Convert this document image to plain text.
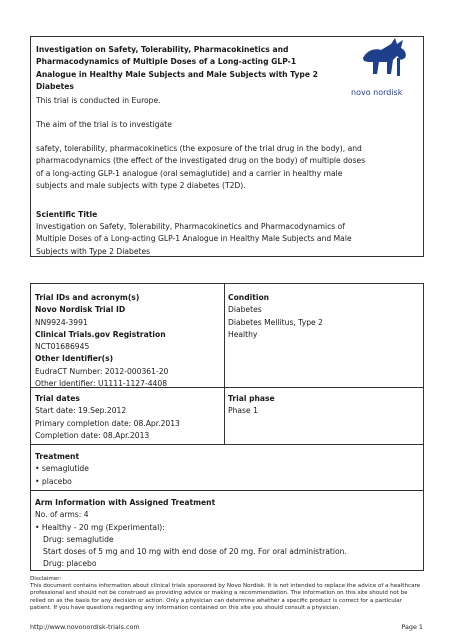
Investigation on Safety, Tolerability, Pharmacokinetics and Pharmacodynamics of Multiple Doses of a Long-acting GLP-1 Analogue in Healthy Male Subjects and Male Subjects with Type 2 Diabetes
This trial is conducted in Europe.
The aim of the trial is to investigate
safety, tolerability, pharmacokinetics (the exposure of the trial drug in the body), and pharmacodynamics (the effect of the investigated drug on the body) of multiple doses of a long-acting GLP-1 analogue (oral semaglutide) and a carrier in healthy male subjects and male subjects with type 2 diabetes (T2D).
Scientific Title
Investigation on Safety, Tolerability, Pharmacokinetics and Pharmacodynamics of Multiple Doses of a Long-acting GLP-1 Analogue in Healthy Male Subjects and Male Subjects with Type 2 Diabetes
novo nordisk
Trial IDs and acronym(s)
Novo Nordisk Trial ID
NN9924-3991
Clinical Trials.gov Registration
NCT01686945
Other Identifier(s)
EudraCT Number: 2012-000361-20
Other Identifier: U1111-1127-4408
Condition
Diabetes
Diabetes Mellitus, Type 2
Healthy
Trial dates
Start date: 19.Sep.2012
Primary completion date: 08.Apr.2013
Completion date: 08.Apr.2013
Trial phase
Phase 1
Treatment
• semaglutide
• placebo
Arm Information with Assigned Treatment
No. of arms: 4
• Healthy - 20 mg (Experimental):
Drug: semaglutide
Start doses of 5 mg and 10 mg with end dose of 20 mg. For oral administration.
Drug: placebo
Disclaimer:
This document contains information about clinical trials sponsored by Novo Nordisk. It is not intended to replace the advice of a healthcare professional and should not be construed as providing advice or making a recommendation. The information on this site should not be relied on as the basis for any decision or action. Only a physician can determine whether a specific product is correct for a particular patient. If you have questions regarding any information contained on this site you should consult a physician.
http://www.novonordisk-trials.com	Page 1
